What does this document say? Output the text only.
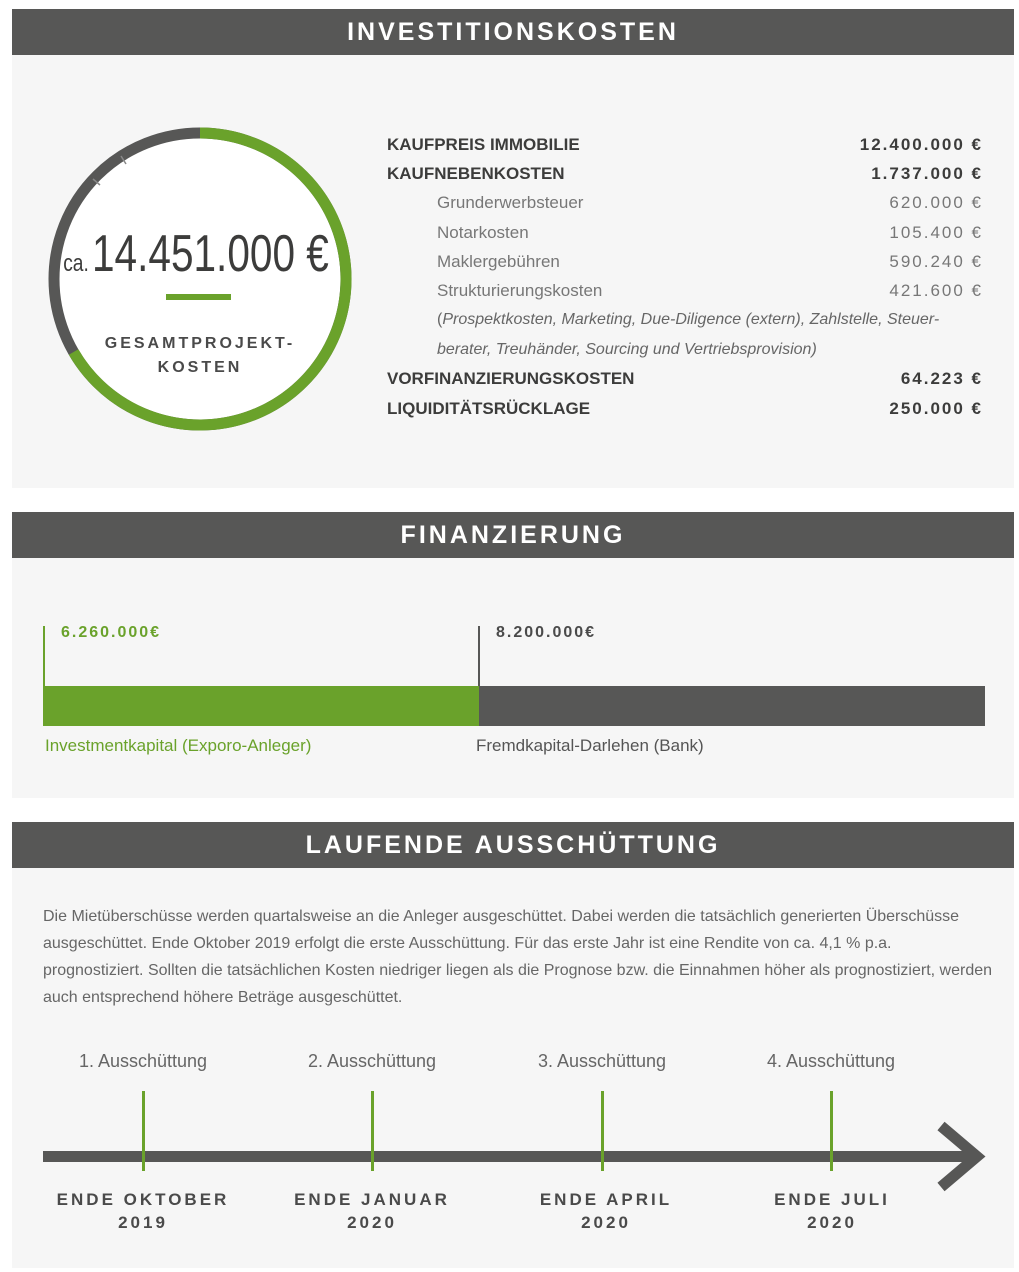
INVESTITIONSKOSTEN
ca.14.451.000 €
GESAMTPROJEKT-
KOSTEN
KAUFPREIS IMMOBILIE	12.400.000 €
KAUFNEBENKOSTEN	1.737.000 €
Grunderwerbsteuer	620.000 €
Notarkosten	105.400 €
Maklergebühren	590.240 €
Strukturierungskosten	421.600 €
(Prospektkosten, Marketing, Due-Diligence (extern), Zahlstelle, Steuer-
berater, Treuhänder, Sourcing und Vertriebsprovision)
VORFINANZIERUNGSKOSTEN	64.223 €
LIQUIDITÄTSRÜCKLAGE	250.000 €
FINANZIERUNG
6.260.000€	8.200.000€
Investmentkapital (Exporo-Anleger)	Fremdkapital-Darlehen (Bank)
LAUFENDE AUSSCHÜTTUNG
Die Mietüberschüsse werden quartalsweise an die Anleger ausgeschüttet. Dabei werden die tatsächlich generierten Überschüsse ausgeschüttet. Ende Oktober 2019 erfolgt die erste Ausschüttung. Für das erste Jahr ist eine Rendite von ca. 4,1 % p.a. prognostiziert. Sollten die tatsächlichen Kosten niedriger liegen als die Prognose bzw. die Einnahmen höher als prognostiziert, werden auch entsprechend höhere Beträge ausgeschüttet.
1. Ausschüttung	2. Ausschüttung	3. Ausschüttung	4. Ausschüttung
ENDE OKTOBER
2019
ENDE JANUAR
2020
ENDE APRIL
2020
ENDE JULI
2020
